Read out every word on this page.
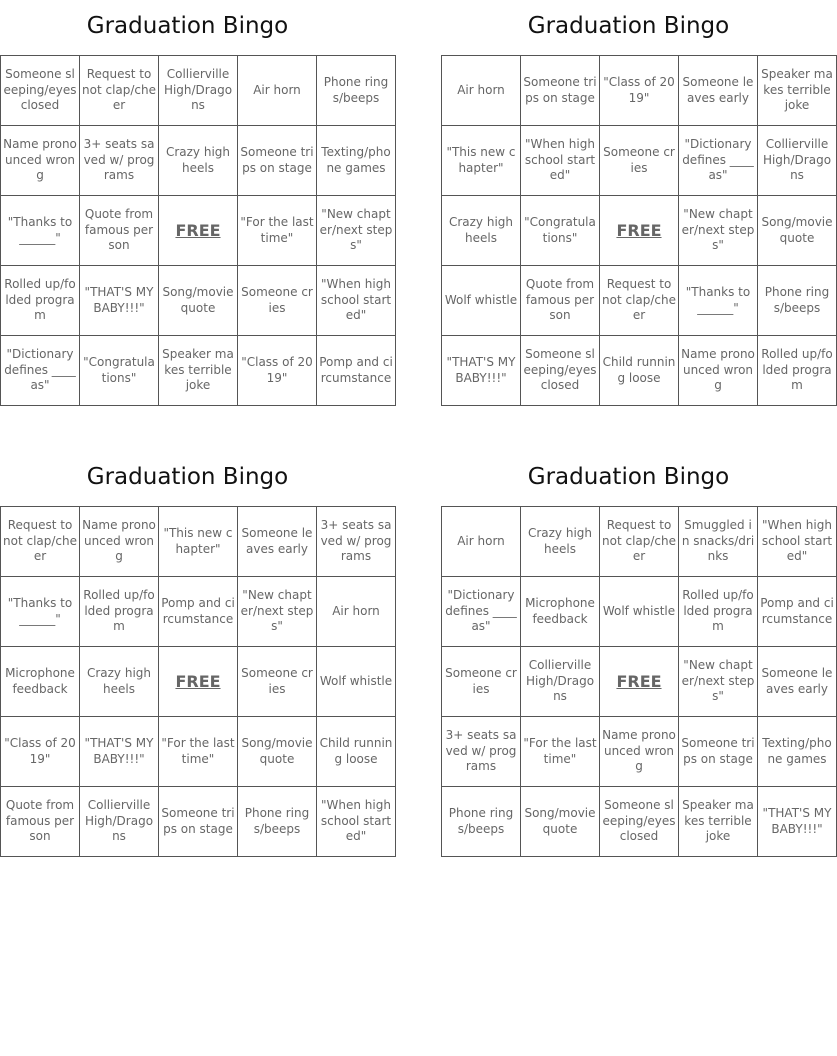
Graduation Bingo
Someone sleeping/eyes closed	Request to not clap/cheer	Collierville High/Dragons	Air horn	Phone rings/beeps
Name pronounced wrong	3+ seats saved w/ programs	Crazy high heels	Someone trips on stage	Texting/phone games
"Thanks to ______"	Quote from famous person	FREE	"For the last time"	"New chapter/next steps"
Rolled up/folded program	"THAT'S MY BABY!!!"	Song/movie quote	Someone cries	"When high school started"
"Dictionary defines ____ as"	"Congratulations"	Speaker makes terrible joke	"Class of 2019"	Pomp and circumstance
Graduation Bingo
Air horn	Someone trips on stage	"Class of 2019"	Someone leaves early	Speaker makes terrible joke
"This new chapter"	"When high school started"	Someone cries	"Dictionary defines ____ as"	Collierville High/Dragons
Crazy high heels	"Congratulations"	FREE	"New chapter/next steps"	Song/movie quote
Wolf whistle	Quote from famous person	Request to not clap/cheer	"Thanks to ______"	Phone rings/beeps
"THAT'S MY BABY!!!"	Someone sleeping/eyes closed	Child running loose	Name pronounced wrong	Rolled up/folded program
Graduation Bingo
Request to not clap/cheer	Name pronounced wrong	"This new chapter"	Someone leaves early	3+ seats saved w/ programs
"Thanks to ______"	Rolled up/folded program	Pomp and circumstance	"New chapter/next steps"	Air horn
Microphone feedback	Crazy high heels	FREE	Someone cries	Wolf whistle
"Class of 2019"	"THAT'S MY BABY!!!"	"For the last time"	Song/movie quote	Child running loose
Quote from famous person	Collierville High/Dragons	Someone trips on stage	Phone rings/beeps	"When high school started"
Graduation Bingo
Air horn	Crazy high heels	Request to not clap/cheer	Smuggled in snacks/drinks	"When high school started"
"Dictionary defines ____ as"	Microphone feedback	Wolf whistle	Rolled up/folded program	Pomp and circumstance
Someone cries	Collierville High/Dragons	FREE	"New chapter/next steps"	Someone leaves early
3+ seats saved w/ programs	"For the last time"	Name pronounced wrong	Someone trips on stage	Texting/phone games
Phone rings/beeps	Song/movie quote	Someone sleeping/eyes closed	Speaker makes terrible joke	"THAT'S MY BABY!!!"
